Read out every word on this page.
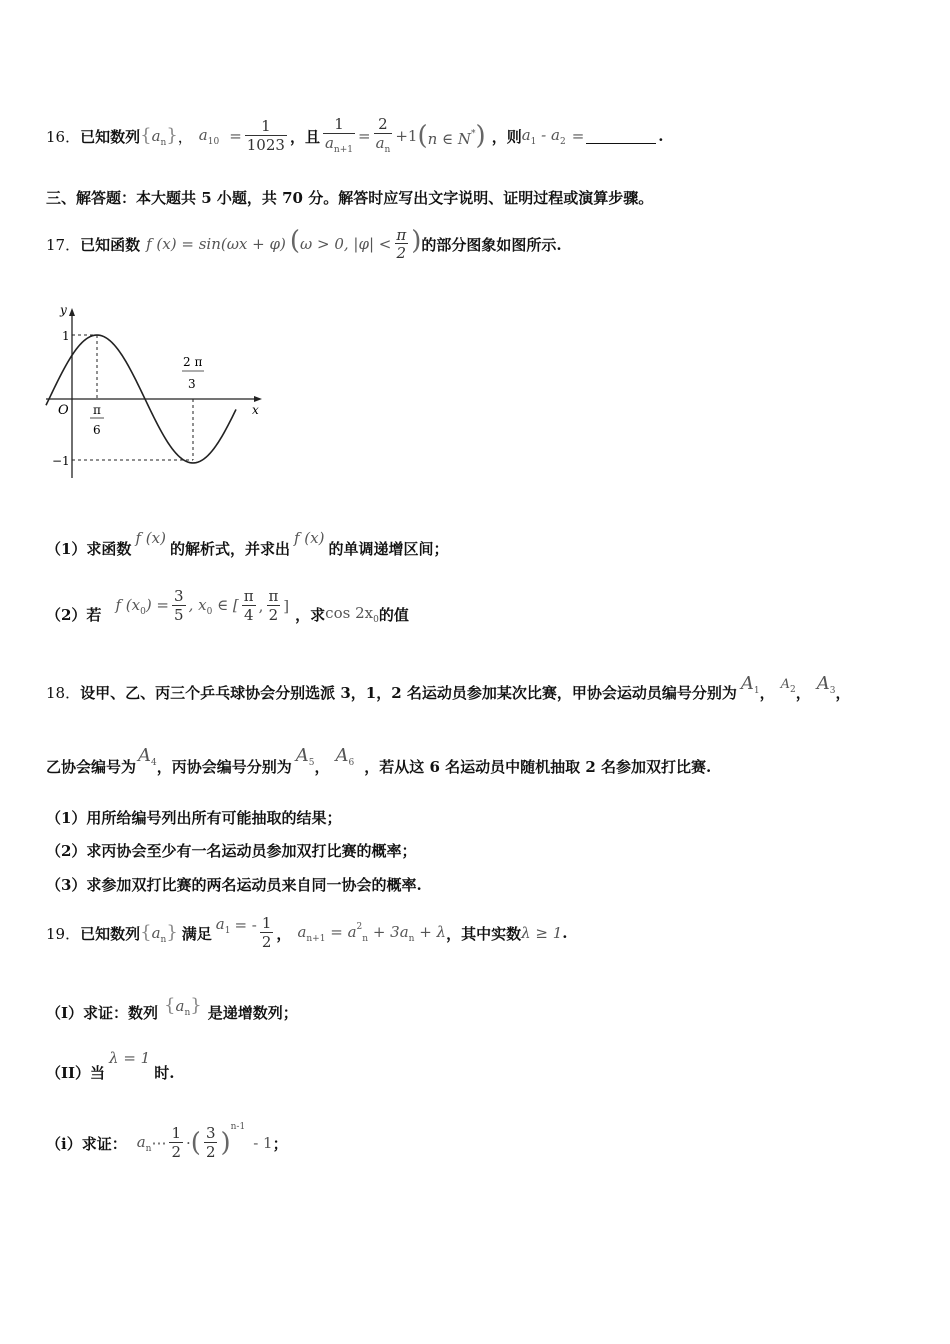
16． 已知数列 $\{a_n\}$ ， $a_{10} = \frac{1}{1023}$ ，且 $\frac{1}{a_{n+1}} = \frac{2}{a_n} +1$ (n ∈ N*) ，则 $a_1 - a_2$ =	.
三、解答题：本大题共 5 小题，共 70 分。解答时应写出文字说明、证明过程或演算步骤。
17． 已知函数 f (x) = sin(ωx + φ) (ω > 0, $|\varphi| < \frac{\pi}{2}$ ) 的部分图象如图所示.
y
x
O
1
−1
π
6
2 π
3
（1）求函数
f (x)
的解析式，并求出
f (x)
的单调递增区间；
（2）若
f $(x_0) = \frac{3}{5}$ , $x_0$ ∈ [ $\frac{\pi}{4}$ , $\frac{\pi}{2}$ ] ，求 $\cos 2x_0$ 的值
18． 设甲、乙、丙三个乒乓球协会分别选派 3，1，2 名运动员参加某次比赛，甲协会运动员编号分别为 $A_1$ ， $A_2$ ， $A_3$ ，
乙协会编号为
$A_4$ ，丙协会编号分别为
$A_5$ ，
$A_6$ ，若从这 6 名运动员中随机抽取 2 名参加双打比赛.
（1）用所给编号列出所有可能抽取的结果；
（2）求丙协会至少有一名运动员参加双打比赛的概率；
（3）求参加双打比赛的两名运动员来自同一协会的概率.
19． 已知数列 $\{a_n\}$ 满足
$a_1$ = - $\frac{1}{2}$ ， $a_{n+1} = a^2_n + 3a_n + \lambda$ ，其中实数 λ ≥ 1 .
（I）求证：数列 $\{a_n\}$ 是递增数列；
（II）当
λ = 1
时.
（i）求证： $a_n$ ⋯ $\frac{1}{2}$ · ( $\frac{3}{2}$ )
n-1
- 1 ；
